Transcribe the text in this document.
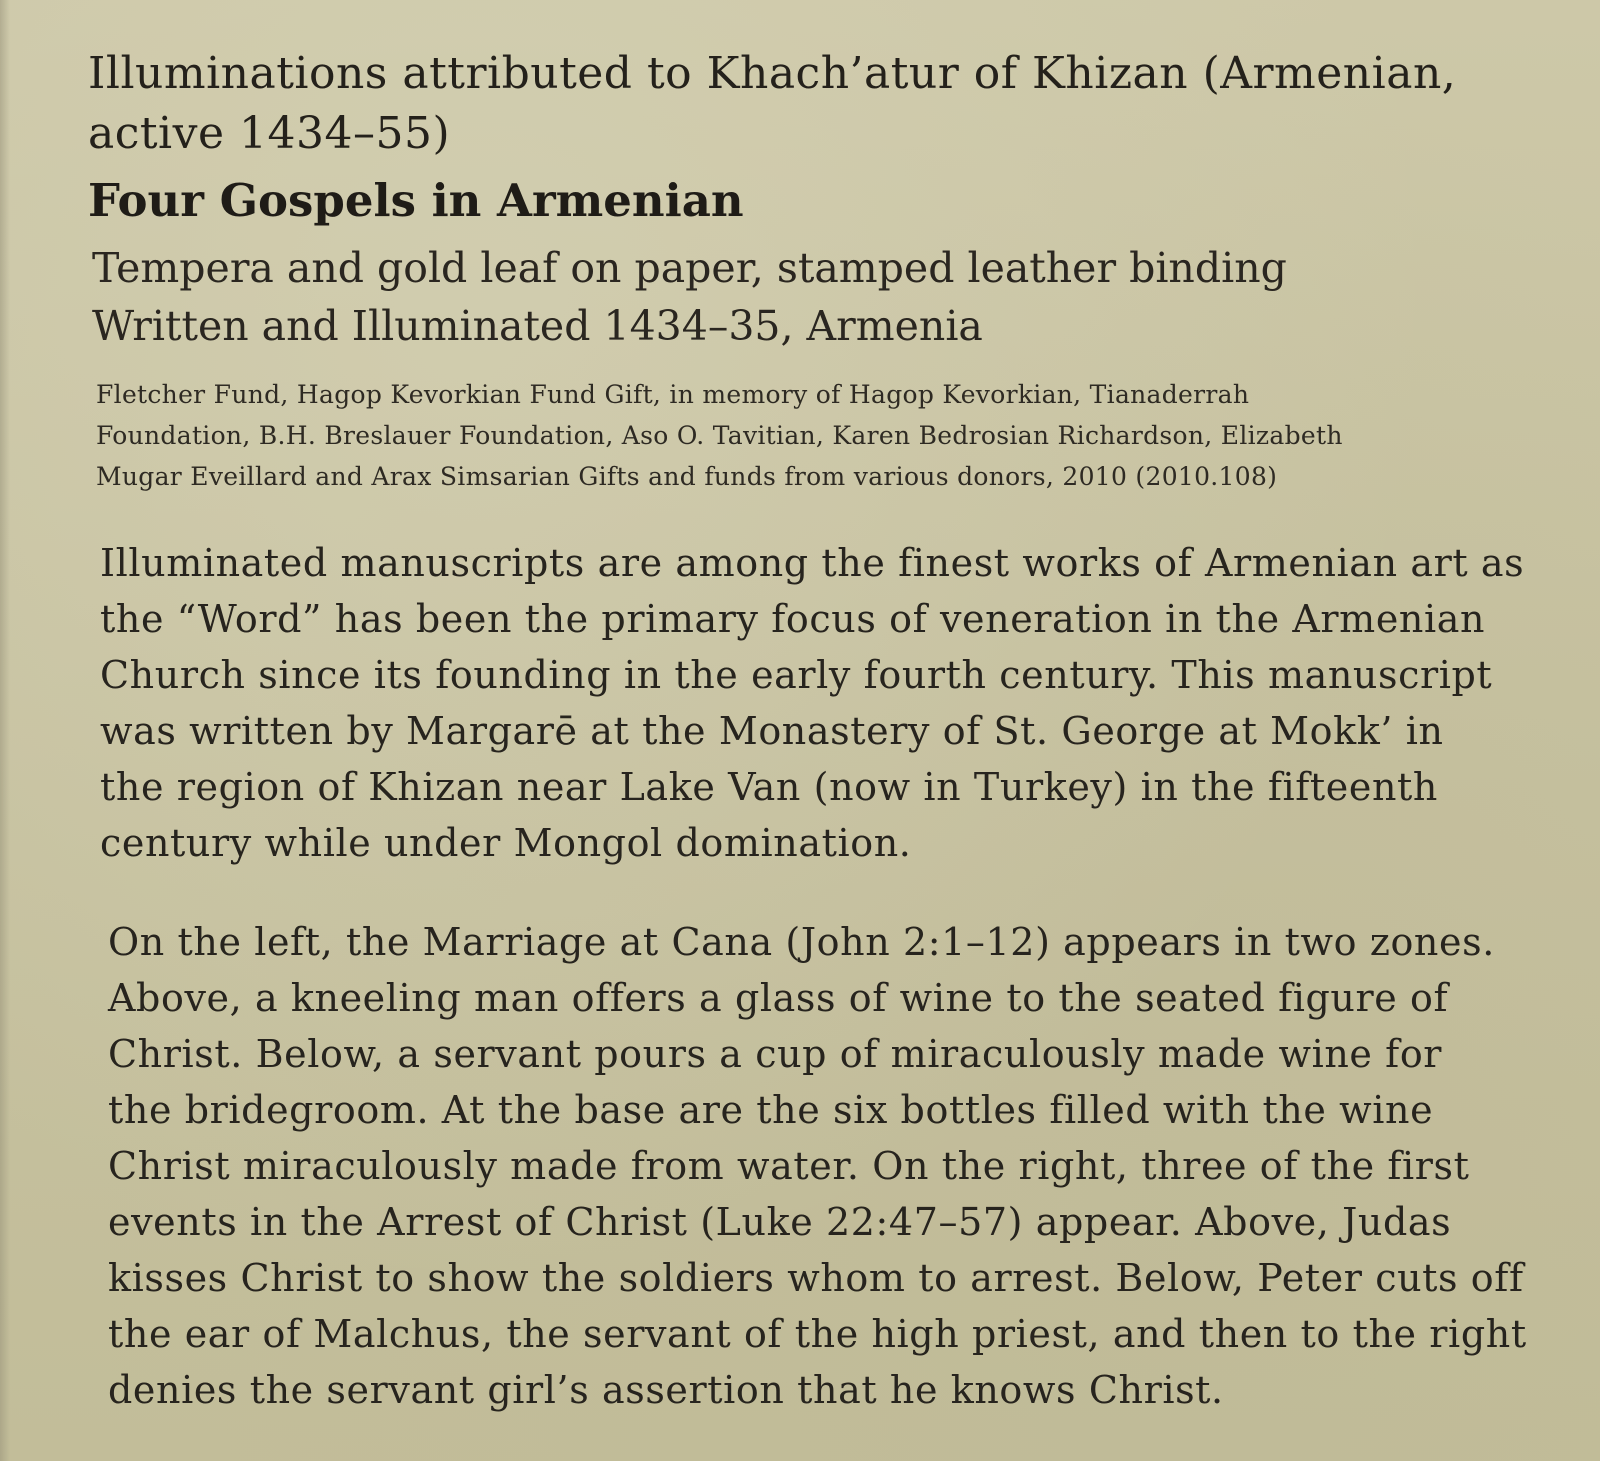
Illuminations attributed to Khach’atur of Khizan (Armenian,
active 1434–55)
Four Gospels in Armenian

Tempera and gold leaf on paper, stamped leather binding

Written and Illuminated 1434–35, Armenia

Fletcher Fund, Hagop Kevorkian Fund Gift, in memory of Hagop Kevorkian, Tianaderrah
Foundation, B.H. Breslauer Foundation, Aso O. Tavitian, Karen Bedrosian Richardson, Elizabeth
Mugar Eveillard and Arax Simsarian Gifts and funds from various donors, 2010 (2010.108)

Illuminated manuscripts are among the finest works of Armenian art as
the “Word” has been the primary focus of veneration in the Armenian
Church since its founding in the early fourth century. This manuscript
was written by Margarē at the Monastery of St. George at Mokk’ in
the region of Khizan near Lake Van (now in Turkey) in the fifteenth
century while under Mongol domination.

On the left, the Marriage at Cana (John 2:1–12) appears in two zones.
Above, a kneeling man offers a glass of wine to the seated figure of
Christ. Below, a servant pours a cup of miraculously made wine for
the bridegroom. At the base are the six bottles filled with the wine
Christ miraculously made from water. On the right, three of the first
events in the Arrest of Christ (Luke 22:47–57) appear. Above, Judas
kisses Christ to show the soldiers whom to arrest. Below, Peter cuts off
the ear of Malchus, the servant of the high priest, and then to the right
denies the servant girl’s assertion that he knows Christ.
